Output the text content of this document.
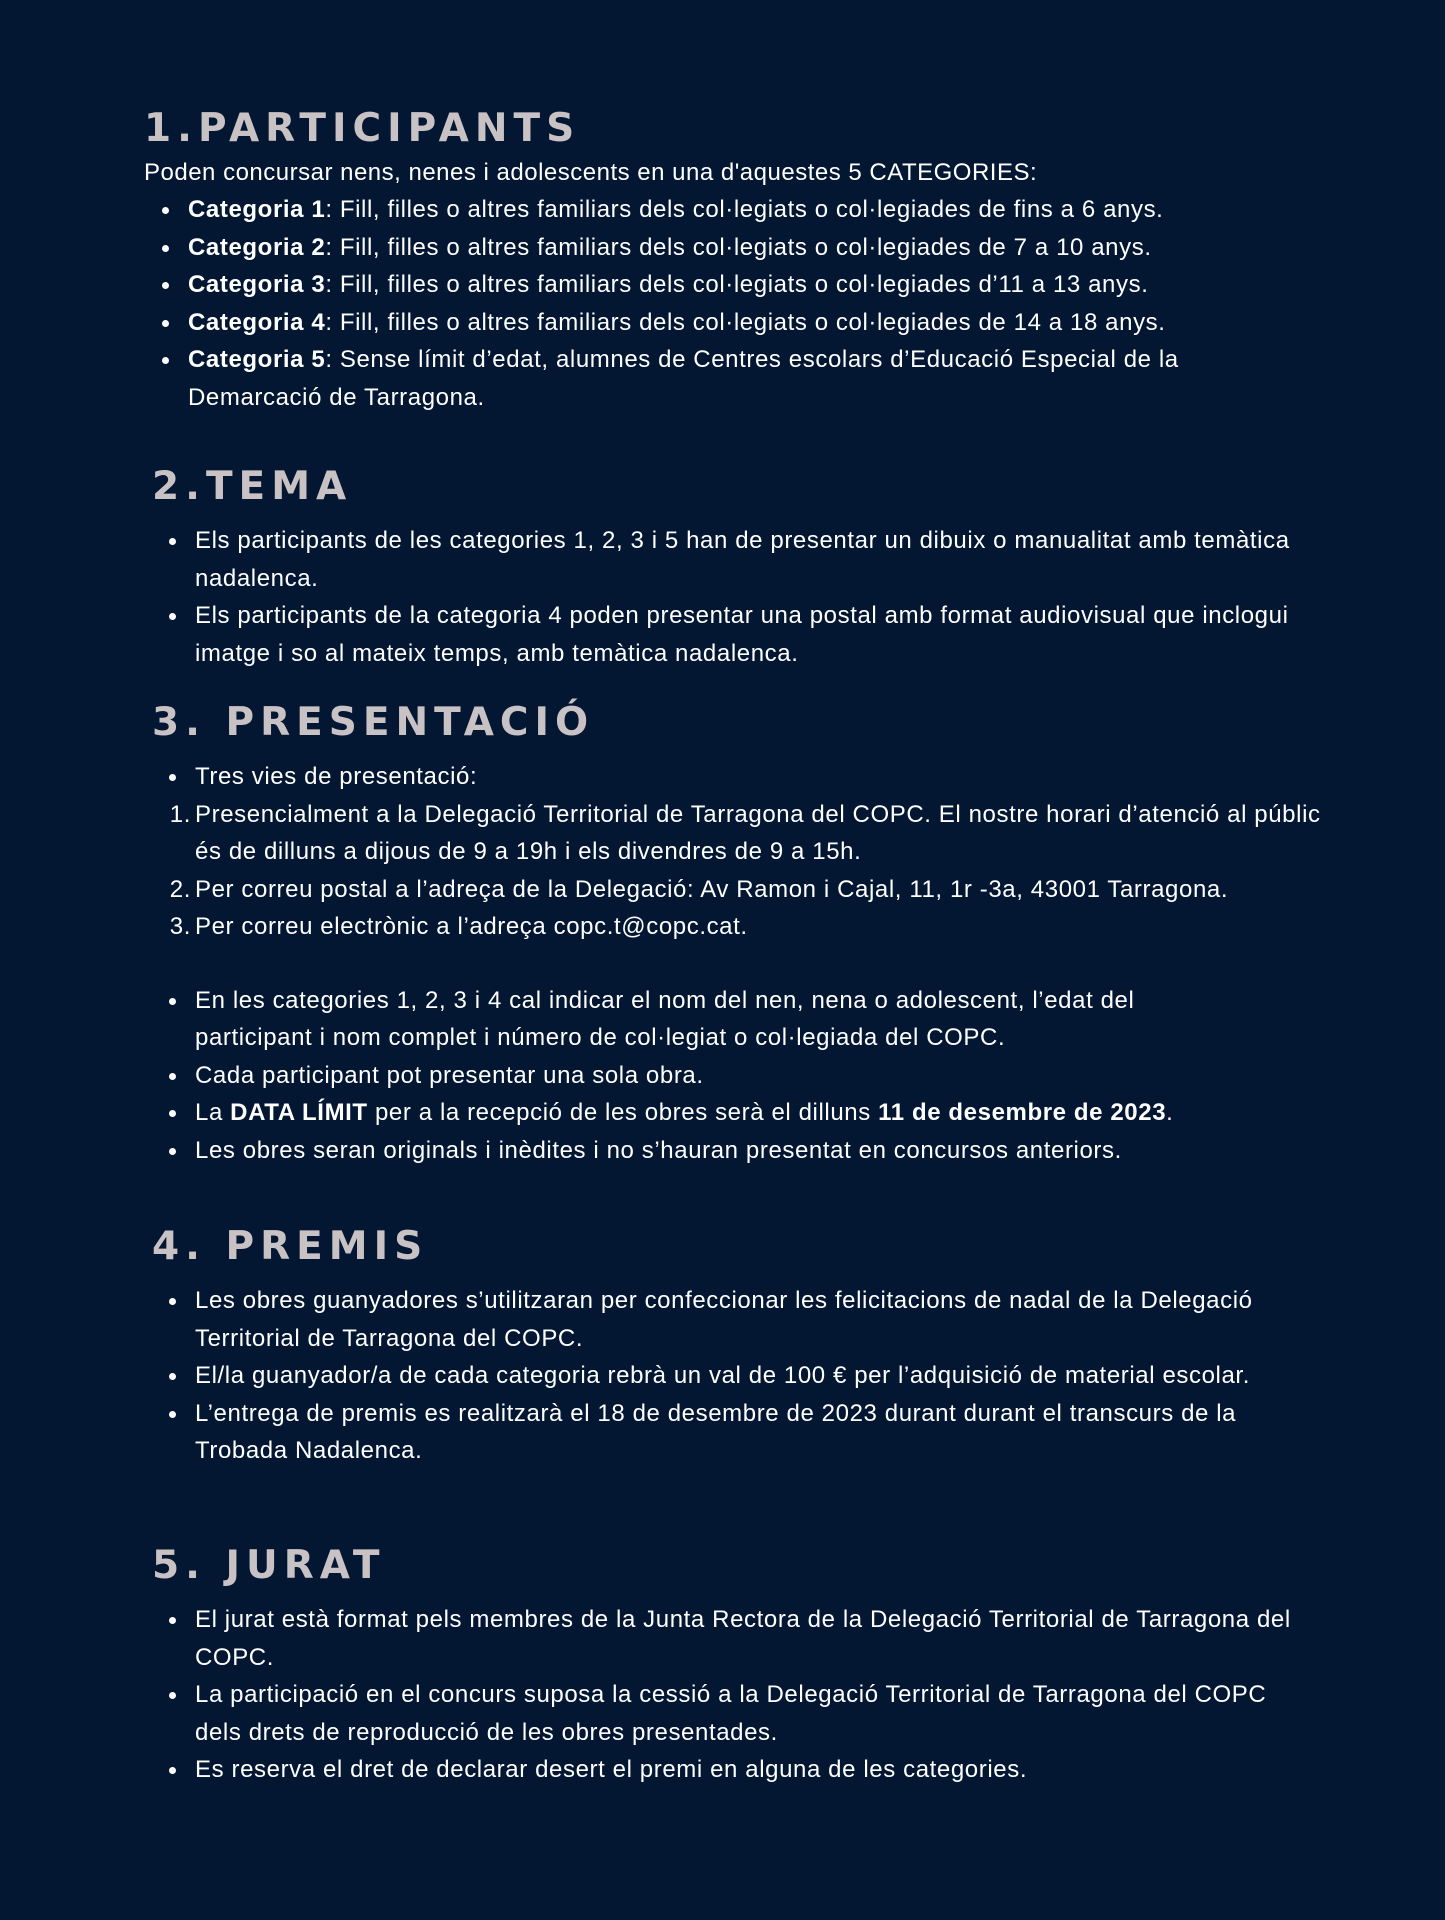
1.PARTICIPANTS

Poden concursar nens, nenes i adolescents en una d'aquestes 5 CATEGORIES:

Categoria 1: Fill, filles o altres familiars dels col·legiats o col·legiades de fins a 6 anys.
Categoria 2: Fill, filles o altres familiars dels col·legiats o col·legiades de 7 a 10 anys.
Categoria 3: Fill, filles o altres familiars dels col·legiats o col·legiades d’11 a 13 anys.
Categoria 4: Fill, filles o altres familiars dels col·legiats o col·legiades de 14 a 18 anys.
Categoria 5: Sense límit d’edat, alumnes de Centres escolars d’Educació Especial de la Demarcació de Tarragona.
2.TEMA
Els participants de les categories 1, 2, 3 i 5 han de presentar un dibuix o manualitat amb temàtica nadalenca.
Els participants de la categoria 4 poden presentar una postal amb format audiovisual que inclogui imatge i so al mateix temps, amb temàtica nadalenca.
3. PRESENTACIÓ
Tres vies de presentació:
1. Presencialment a la Delegació Territorial de Tarragona del COPC. El nostre horari d’atenció al públic és de dilluns a dijous de 9 a 19h i els divendres de 9 a 15h.
2. Per correu postal a l’adreça de la Delegació: Av Ramon i Cajal, 11, 1r -3a, 43001 Tarragona.
3. Per correu electrònic a l’adreça copc.t@copc.cat.
En les categories 1, 2, 3 i 4 cal indicar el nom del nen, nena o adolescent, l’edat del participant i nom complet i número de col·legiat o col·legiada del COPC.
Cada participant pot presentar una sola obra.
La DATA LÍMIT per a la recepció de les obres serà el dilluns 11 de desembre de 2023.
Les obres seran originals i inèdites i no s’hauran presentat en concursos anteriors.
4. PREMIS
Les obres guanyadores s’utilitzaran per confeccionar les felicitacions de nadal de la Delegació Territorial de Tarragona del COPC.
El/la guanyador/a de cada categoria rebrà un val de 100 € per l’adquisició de material escolar.
L’entrega de premis es realitzarà el 18 de desembre de 2023 durant durant el transcurs de la Trobada Nadalenca.
5. JURAT
El jurat està format pels membres de la Junta Rectora de la Delegació Territorial de Tarragona del COPC.
La participació en el concurs suposa la cessió a la Delegació Territorial de Tarragona del COPC dels drets de reproducció de les obres presentades.
Es reserva el dret de declarar desert el premi en alguna de les categories.
